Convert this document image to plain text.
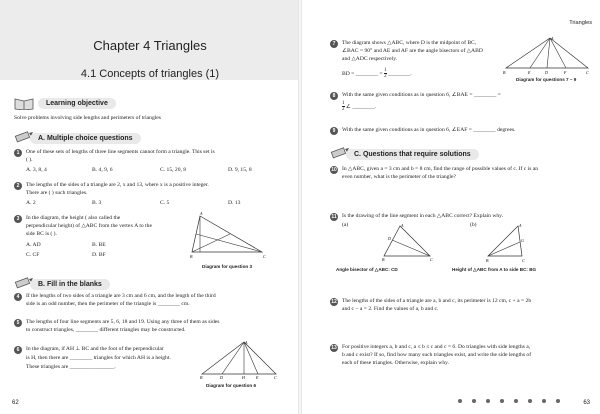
Chapter 4 Triangles
4.1 Concepts of triangles (1)
Learning objective
Solve problems involving side lengths and perimeters of triangles
A. Multiple choice questions
1	One of these sets of lengths of three line segments cannot form a triangle. This set is
( ).
A. 3, 8, 4	B. 4, 9, 6	C. 15, 20, 8	D. 9, 15, 8
2	The lengths of the sides of a triangle are 2, x and 13, where x is a positive integer.
There are ( ) such triangles.
A. 2	B. 3	C. 5	D. 13
3	In the diagram, the height ( also called the
perpendicular height) of △ABC from the vertex A to the
side BC is ( ).
A. AD	B. BE
C. CF	D. BF
A
B	C
Diagram for question 3
B. Fill in the blanks
4	If the lengths of two sides of a triangle are 3 cm and 6 cm, and the length of the third
side is an odd number, then the perimeter of the triangle is ________ cm.
5	The lengths of four line segments are 5, 6, 18 and 19. Using any three of them as sides
to construct triangles, ________ different triangles may be constructed.
6	In the diagram, if AH ⊥ BC and the foot of the perpendicular
is H, then there are ________ triangles for which AH is a height.
These triangles are ________________.
A
B	D	H	E	C
Diagram for question 6
62
Triangles
7	The diagram shows △ABC, where D is the midpoint of BC,
∠BAC = 90° and AE and AF are the angle bisectors of △ABD
and △ADC respectively.
BD = ________ = $\frac{1}{2}$ ________.
A
B	E	D	F	C
Diagram for questions 7 – 9
8	With the same given conditions as in question 6, ∠BAE = ________ =
$\frac{1}{2}$ ∠ ________.
9	With the same given conditions as in question 6, ∠EAF = ________ degrees.
C. Questions that require solutions
10 In △ABC, given a = 3 cm and b = 8 cm, find the range of possible values of c. If c is an
even number, what is the perimeter of the triangle?
11 Is the drawing of the line segment in each △ABC correct? Explain why.
(a)	(b)
A
B
D
C
A
G
B	C
Angle bisector of △ABC: CD	Height of △ABC from A to side BC: BG
12 The lengths of the sides of a triangle are a, b and c, its perimeter is 12 cm, c + a = 2b
and c − a = 2. Find the values of a, b and c.
13 For positive integers a, b and c, a ≤ b ≤ c and c = 6. Do triangles with side lengths a,
b and c exist? If so, find how many such triangles exist, and write the side lengths of
each of these triangles. Otherwise, explain why.
63
